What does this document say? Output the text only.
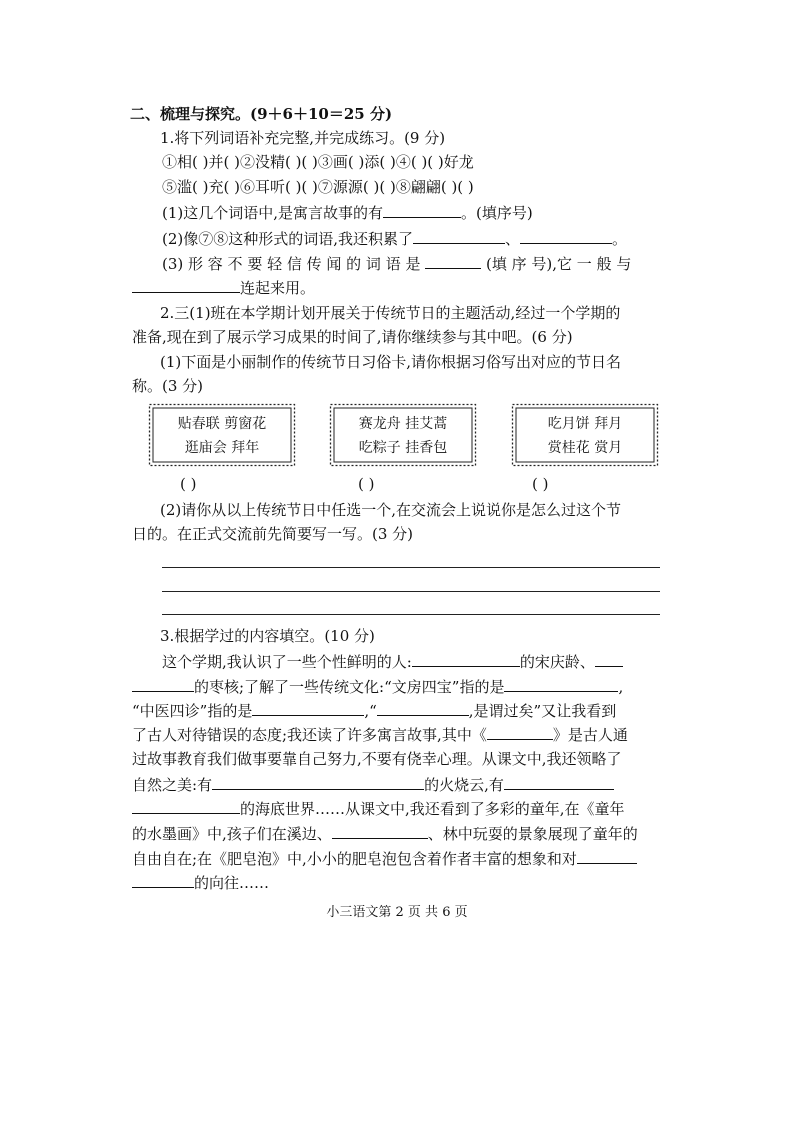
二、梳理与探究。(9＋6＋10＝25 分)
1.将下列词语补充完整,并完成练习。(9 分)
①相( )并( )②没精( )( )③画( )添( )④( )( )好龙
⑤滥( )充( )⑥耳听( )( )⑦源源( )( )⑧翩翩( )( )
(1)这几个词语中,是寓言故事的有	。(填序号)
(2)像⑦⑧这种形式的词语,我还积累了	、	。
(3) 形 容 不 要 轻 信 传 闻 的 词 语 是	(填 序 号),它 一 般 与
连起来用。
2.三(1)班在本学期计划开展关于传统节日的主题活动,经过一个学期的
准备,现在到了展示学习成果的时间了,请你继续参与其中吧。(6 分)
(1)下面是小丽制作的传统节日习俗卡,请你根据习俗写出对应的节日名
称。(3 分)
贴春联 剪窗花
逛庙会 拜年
赛龙舟 挂艾蒿
吃粽子 挂香包
吃月饼 拜月
赏桂花 赏月
( )	( )	( )
(2)请你从以上传统节日中任选一个,在交流会上说说你是怎么过这个节
日的。在正式交流前先简要写一写。(3 分)
3.根据学过的内容填空。(10 分)
这个学期,我认识了一些个性鲜明的人:	的宋庆龄、
的枣核;了解了一些传统文化:“文房四宝”指的是	,
“中医四诊”指的是	,“	,是谓过矣”又让我看到
了古人对待错误的态度;我还读了许多寓言故事,其中《	》是古人通
过故事教育我们做事要靠自己努力,不要有侥幸心理。从课文中,我还领略了
自然之美:有	的火烧云,有
的海底世界……从课文中,我还看到了多彩的童年,在《童年
的水墨画》中,孩子们在溪边、	、林中玩耍的景象展现了童年的
自由自在;在《肥皂泡》中,小小的肥皂泡包含着作者丰富的想象和对
的向往……
小三语文第 2 页 共 6 页
